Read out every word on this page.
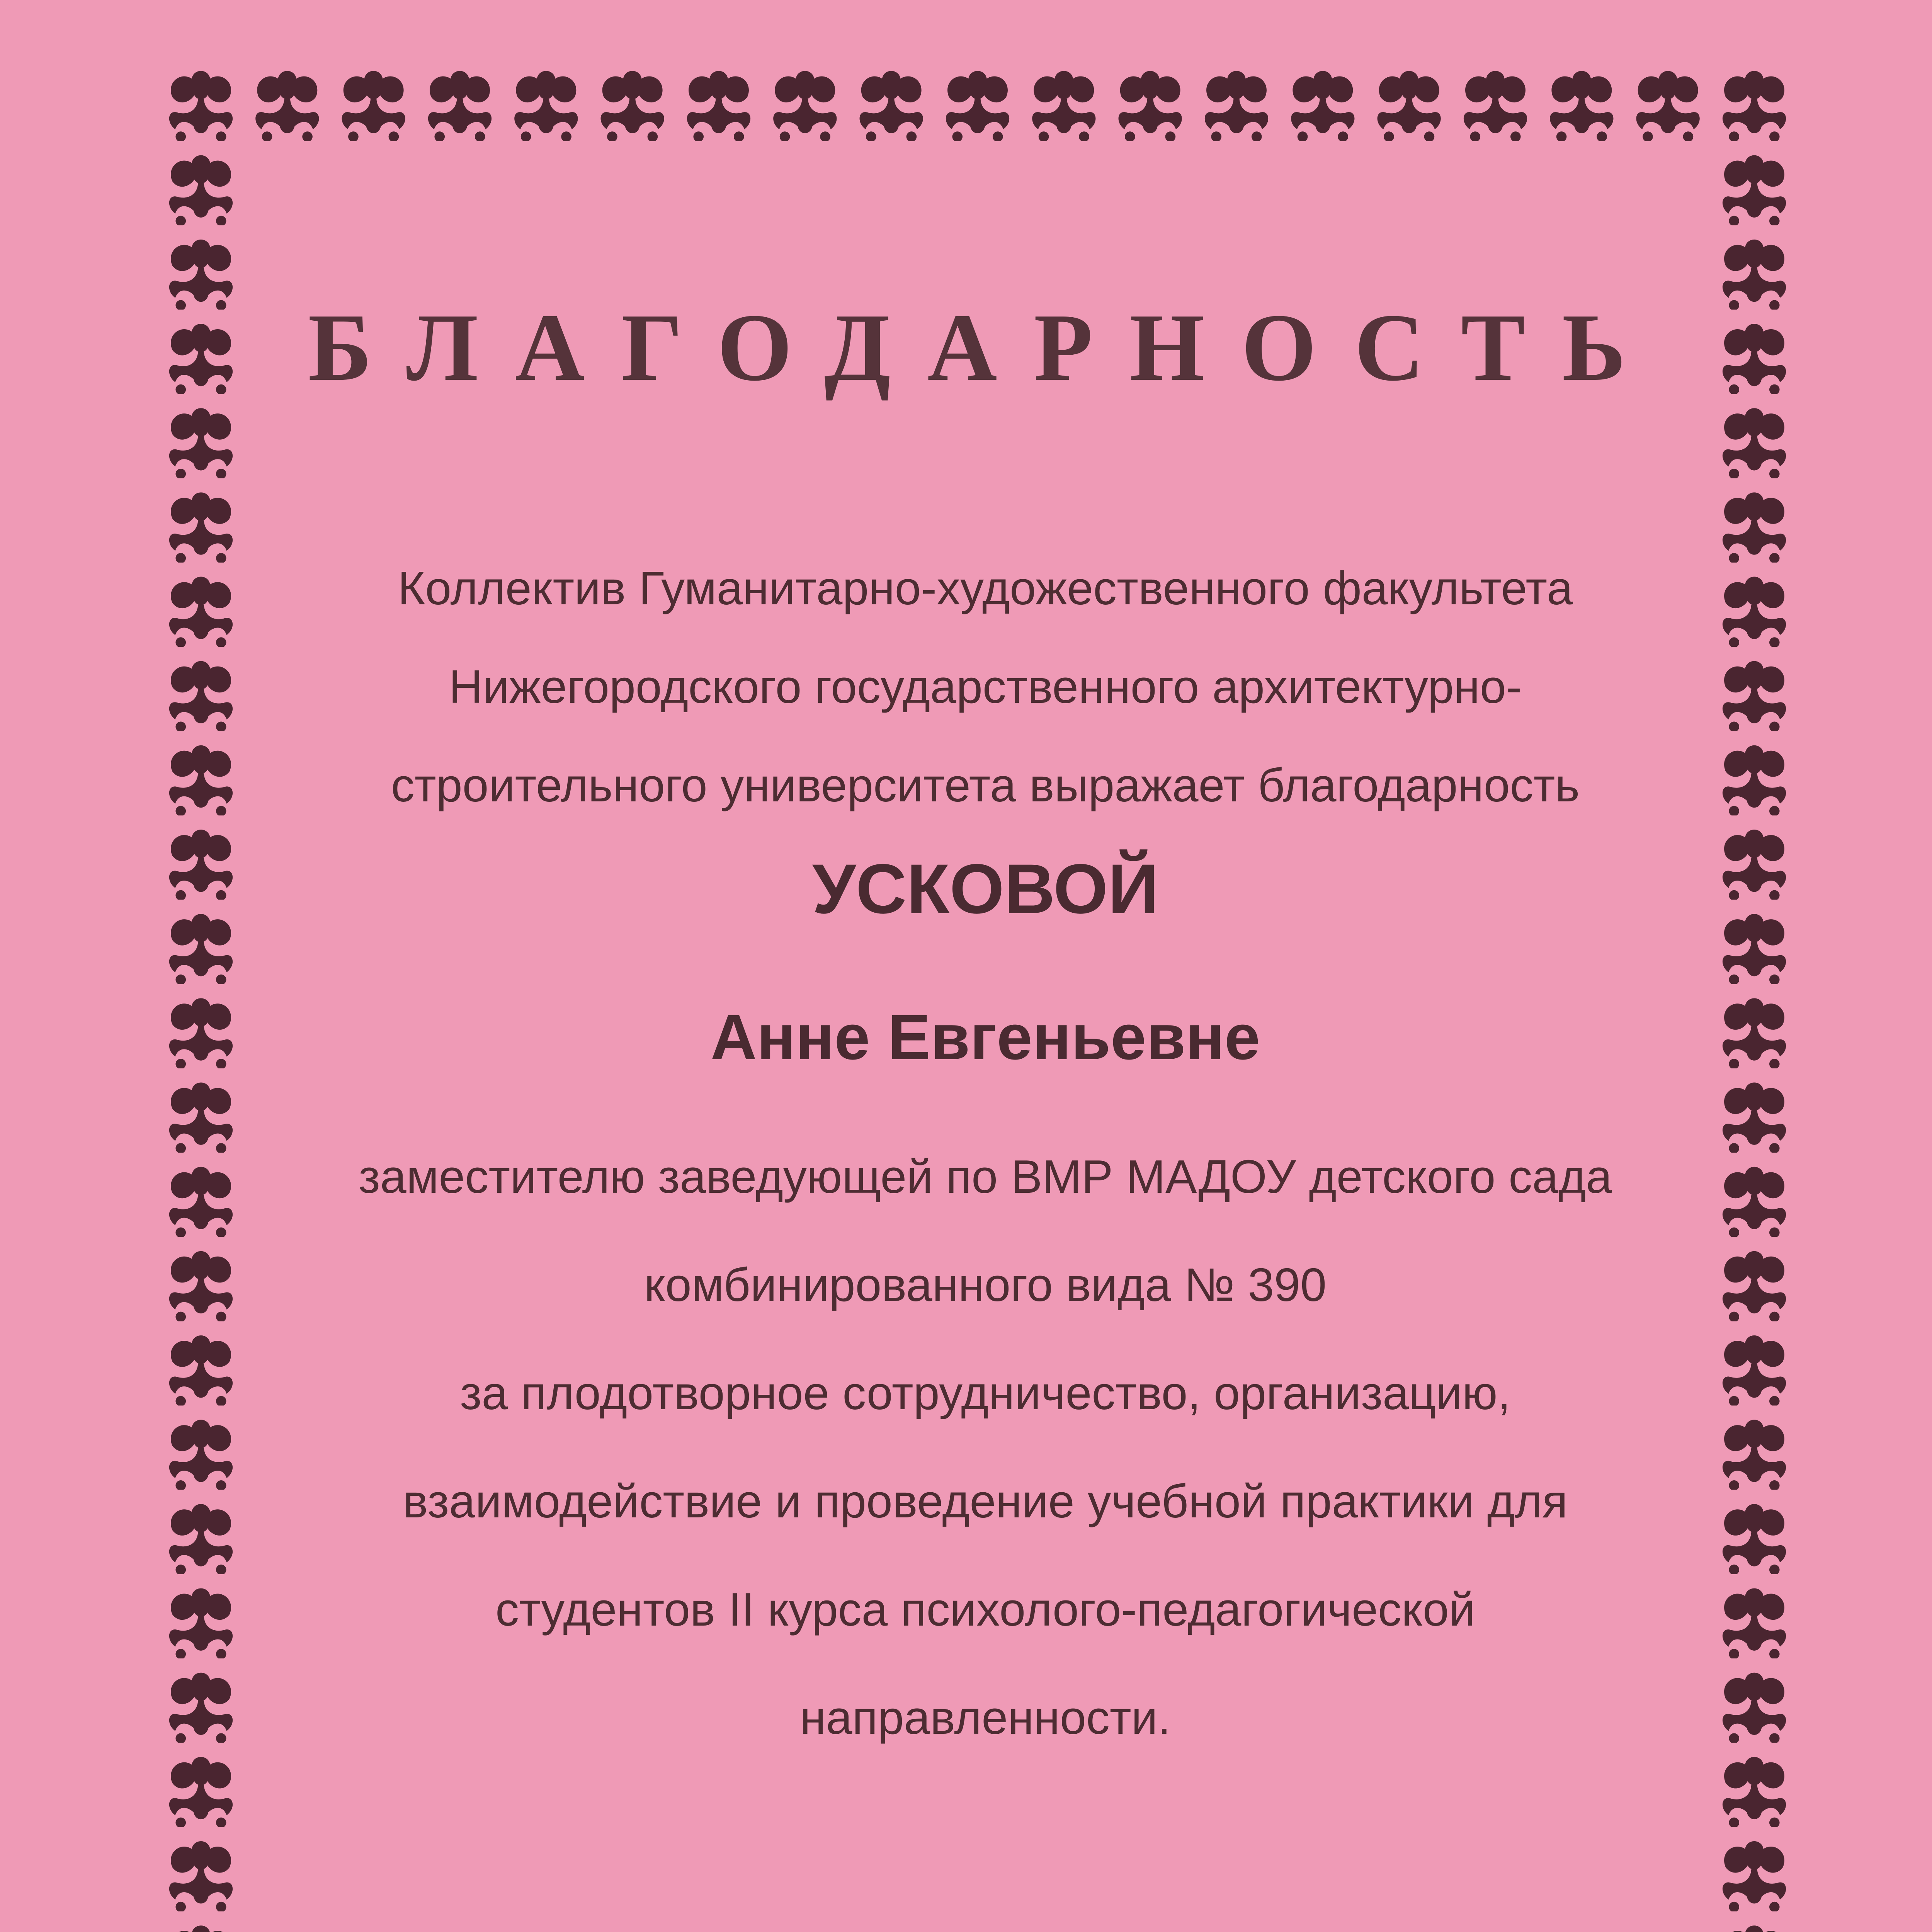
БЛАГОДАРНОСТЬ
Коллектив Гуманитарно-художественного факультета
Нижегородского государственного архитектурно-
строительного университета выражает благодарность
УСКОВОЙ
Анне Евгеньевне
заместителю заведующей по ВМР МАДОУ детского сада
комбинированного вида № 390
за плодотворное сотрудничество, организацию,
взаимодействие и проведение учебной практики для
студентов II курса психолого-педагогической
направленности.
